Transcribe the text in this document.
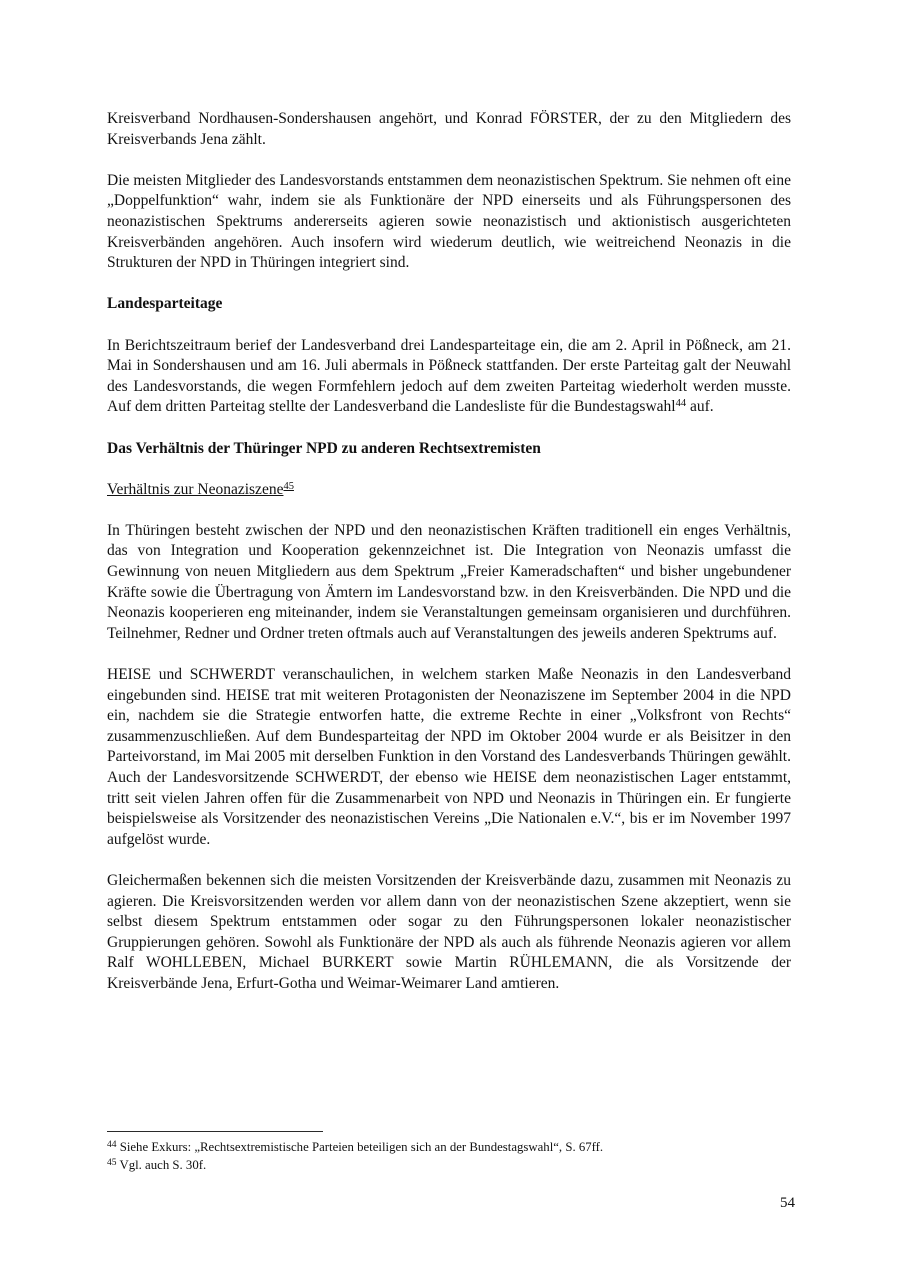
Kreisverband Nordhausen-Sondershausen angehört, und Konrad FÖRSTER, der zu den Mitgliedern des Kreisverbands Jena zählt.

Die meisten Mitglieder des Landesvorstands entstammen dem neonazistischen Spektrum. Sie nehmen oft eine „Doppelfunktion“ wahr, indem sie als Funktionäre der NPD einerseits und als Führungspersonen des neonazistischen Spektrums andererseits agieren sowie neonazistisch und aktionistisch ausgerichteten Kreisverbänden angehören. Auch insofern wird wiederum deutlich, wie weitreichend Neonazis in die Strukturen der NPD in Thüringen integriert sind.

Landesparteitage

In Berichtszeitraum berief der Landesverband drei Landesparteitage ein, die am 2. April in Pößneck, am 21. Mai in Sondershausen und am 16. Juli abermals in Pößneck stattfanden. Der erste Parteitag galt der Neuwahl des Landesvorstands, die wegen Formfehlern jedoch auf dem zweiten Parteitag wiederholt werden musste. Auf dem dritten Parteitag stellte der Landesverband die Landesliste für die Bundestagswahl$^{44}$ auf.

Das Verhältnis der Thüringer NPD zu anderen Rechtsextremisten

Verhältnis zur Neonaziszene$^{45}$

In Thüringen besteht zwischen der NPD und den neonazistischen Kräften traditionell ein enges Verhältnis, das von Integration und Kooperation gekennzeichnet ist. Die Integration von Neonazis umfasst die Gewinnung von neuen Mitgliedern aus dem Spektrum „Freier Kameradschaften“ und bisher ungebundener Kräfte sowie die Übertragung von Ämtern im Landesvorstand bzw. in den Kreisverbänden. Die NPD und die Neonazis kooperieren eng miteinander, indem sie Veranstaltungen gemeinsam organisieren und durchführen. Teilnehmer, Redner und Ordner treten oftmals auch auf Veranstaltungen des jeweils anderen Spektrums auf.

HEISE und SCHWERDT veranschaulichen, in welchem starken Maße Neonazis in den Landesverband eingebunden sind. HEISE trat mit weiteren Protagonisten der Neonaziszene im September 2004 in die NPD ein, nachdem sie die Strategie entworfen hatte, die extreme Rechte in einer „Volksfront von Rechts“ zusammenzuschließen. Auf dem Bundesparteitag der NPD im Oktober 2004 wurde er als Beisitzer in den Parteivorstand, im Mai 2005 mit derselben Funktion in den Vorstand des Landesverbands Thüringen gewählt. Auch der Landesvorsitzende SCHWERDT, der ebenso wie HEISE dem neonazistischen Lager entstammt, tritt seit vielen Jahren offen für die Zusammenarbeit von NPD und Neonazis in Thüringen ein. Er fungierte beispielsweise als Vorsitzender des neonazistischen Vereins „Die Nationalen e.V.“, bis er im November 1997 aufgelöst wurde.

Gleichermaßen bekennen sich die meisten Vorsitzenden der Kreisverbände dazu, zusammen mit Neonazis zu agieren. Die Kreisvorsitzenden werden vor allem dann von der neonazistischen Szene akzeptiert, wenn sie selbst diesem Spektrum entstammen oder sogar zu den Führungspersonen lokaler neonazistischer Gruppierungen gehören. Sowohl als Funktionäre der NPD als auch als führende Neonazis agieren vor allem Ralf WOHLLEBEN, Michael BURKERT sowie Martin RÜHLEMANN, die als Vorsitzende der Kreisverbände Jena, Erfurt-Gotha und Weimar-Weimarer Land amtieren.

$^{44}$ Siehe Exkurs: „Rechtsextremistische Parteien beteiligen sich an der Bundestagswahl“, S. 67ff.

$^{45}$ Vgl. auch S. 30f.

54
